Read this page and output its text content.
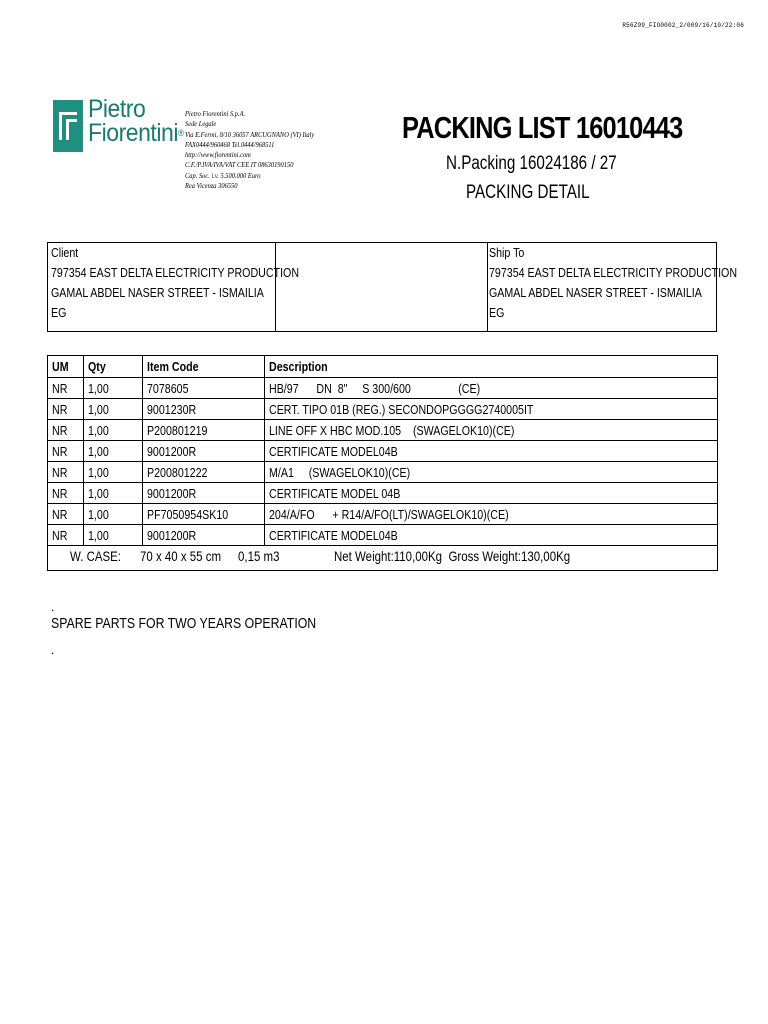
R56Z99_FIO0002_2/009/16/10/22:06
Pietro
Fiorentini®
Pietro Fiorentini S.p.A.
Sede Legale
Via E.Fermi, 8/10 36057 ARCUGNANO (VI) Italy
FAX0444/960468 Tel.0444/968511
http://www.fiorentini.com
C.F./P.IVA/IVA/VAT CEE IT 08630190150
Cap. Soc. i.v. 5.500.000 Euro
Rea Vicenza 306550
PACKING LIST 16010443
N.Packing 16024186 / 27
PACKING DETAIL
Client
797354 EAST DELTA ELECTRICITY PRODUCTION
GAMAL ABDEL NASER STREET - ISMAILIA
EG
Ship To
797354 EAST DELTA ELECTRICITY PRODUCTION
GAMAL ABDEL NASER STREET - ISMAILIA
EG
UM	Qty	Item Code	Description
NR	1,00	7078605	HB/97      DN  8"     S 300/600                (CE)
NR	1,00	9001230R	CERT. TIPO 01B (REG.) SECONDOPGGGG2740005IT
NR	1,00	P200801219	LINE OFF X HBC MOD.105    (SWAGELOK10)(CE)
NR	1,00	9001200R	CERTIFICATE MODEL04B
NR	1,00	P200801222	M/A1     (SWAGELOK10)(CE)
NR	1,00	9001200R	CERTIFICATE MODEL 04B
NR	1,00	PF7050954SK10	204/A/FO      + R14/A/FO(LT)/SWAGELOK10)(CE)
NR	1,00	9001200R	CERTIFICATE MODEL04B
W. CASE: 70 x 40 x 55 cm 0,15 m3	Net Weight:110,00Kg  Gross Weight:130,00Kg
.
SPARE PARTS FOR TWO YEARS OPERATION
.
